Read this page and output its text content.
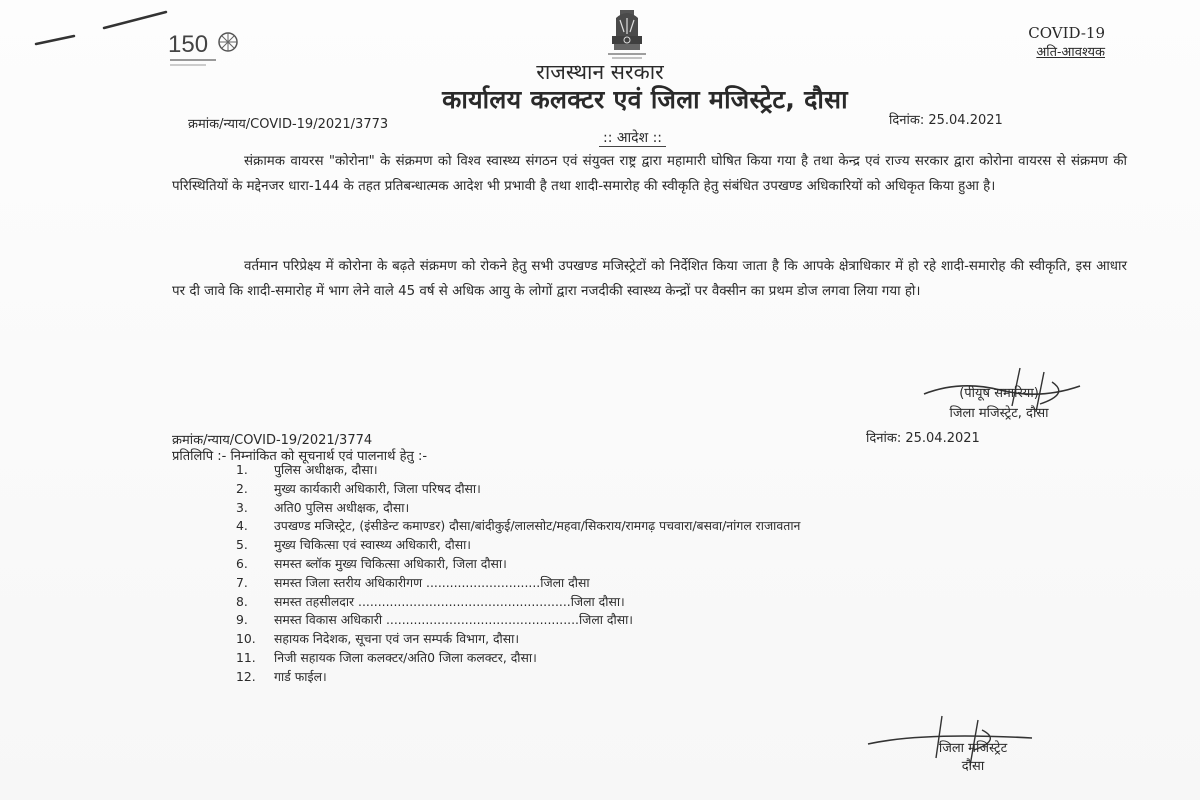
150	COVID-19
अति-आवश्यक
राजस्थान सरकार
कार्यालय कलक्टर एवं जिला मजिस्ट्रेट, दौसा
क्रमांक/न्याय/COVID-19/2021/3773	दिनांक: 25.04.2021
:: आदेश ::
संक्रामक वायरस "कोरोना" के संक्रमण को विश्व स्वास्थ्य संगठन एवं संयुक्त राष्ट्र द्वारा महामारी घोषित किया गया है तथा केन्द्र एवं राज्य सरकार द्वारा कोरोना वायरस से संक्रमण की परिस्थितियों के मद्देनजर धारा-144 के तहत प्रतिबन्धात्मक आदेश भी प्रभावी है तथा शादी-समारोह की स्वीकृति हेतु संबंधित उपखण्ड अधिकारियों को अधिकृत किया हुआ है।
वर्तमान परिप्रेक्ष्य में कोरोना के बढ़ते संक्रमण को रोकने हेतु सभी उपखण्ड मजिस्ट्रेटों को निर्देशित किया जाता है कि आपके क्षेत्राधिकार में हो रहे शादी-समारोह की स्वीकृति, इस आधार पर दी जावे कि शादी-समारोह में भाग लेने वाले 45 वर्ष से अधिक आयु के लोगों द्वारा नजदीकी स्वास्थ्य केन्द्रों पर वैक्सीन का प्रथम डोज लगवा लिया गया हो।
(पीयूष समारिया)
जिला मजिस्ट्रेट, दौसा
क्रमांक/न्याय/COVID-19/2021/3774	दिनांक: 25.04.2021
प्रतिलिपि :- निम्नांकित को सूचनार्थ एवं पालनार्थ हेतु :-
1.	पुलिस अधीक्षक, दौसा।
2.	मुख्य कार्यकारी अधिकारी, जिला परिषद दौसा।
3.	अति0 पुलिस अधीक्षक, दौसा।
4.	उपखण्ड मजिस्ट्रेट, (इंसीडेन्ट कमाण्डर) दौसा/बांदीकुई/लालसोट/महवा/सिकराय/रामगढ़ पचवारा/बसवा/नांगल राजावतान
5.	मुख्य चिकित्सा एवं स्वास्थ्य अधिकारी, दौसा।
6.	समस्त ब्लॉक मुख्य चिकित्सा अधिकारी, जिला दौसा।
7.	समस्त जिला स्तरीय अधिकारीगण .............................जिला दौसा
8.	समस्त तहसीलदार ......................................................जिला दौसा।
9.	समस्त विकास अधिकारी .................................................जिला दौसा।
10.	सहायक निदेशक, सूचना एवं जन सम्पर्क विभाग, दौसा।
11.	निजी सहायक जिला कलक्टर/अति0 जिला कलक्टर, दौसा।
12.	गार्ड फाईल।
जिला मजिस्ट्रेट
दौसा
